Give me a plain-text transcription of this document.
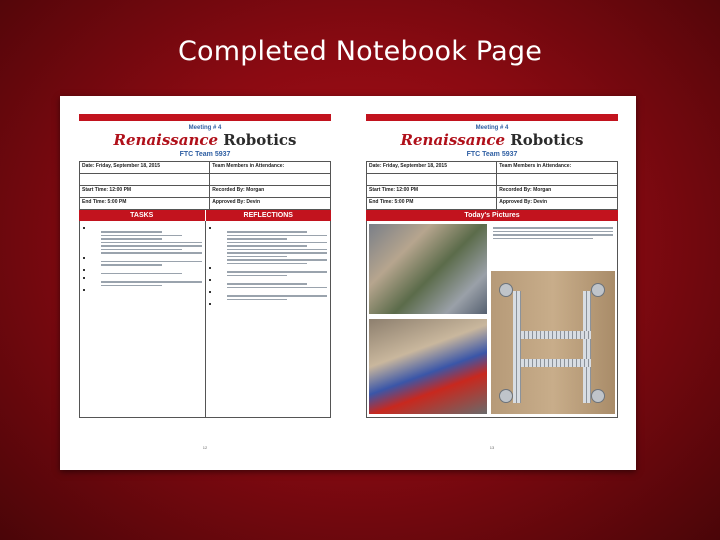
Completed Notebook Page
Meeting # 4
Renaissance Robotics
FTC Team 5937
Date: Friday, September 18, 2015	Team Members in Attendance:

Start Time: 12:00 PM	Recorded By: Morgan
End Time: 5:00 PM	Approved By: Devin
TASKS	REFLECTIONS
12
Meeting # 4
Renaissance Robotics
FTC Team 5937
Date: Friday, September 18, 2015	Team Members in Attendance:

Start Time: 12:00 PM	Recorded By: Morgan
End Time: 5:00 PM	Approved By: Devin
Today's Pictures
13
